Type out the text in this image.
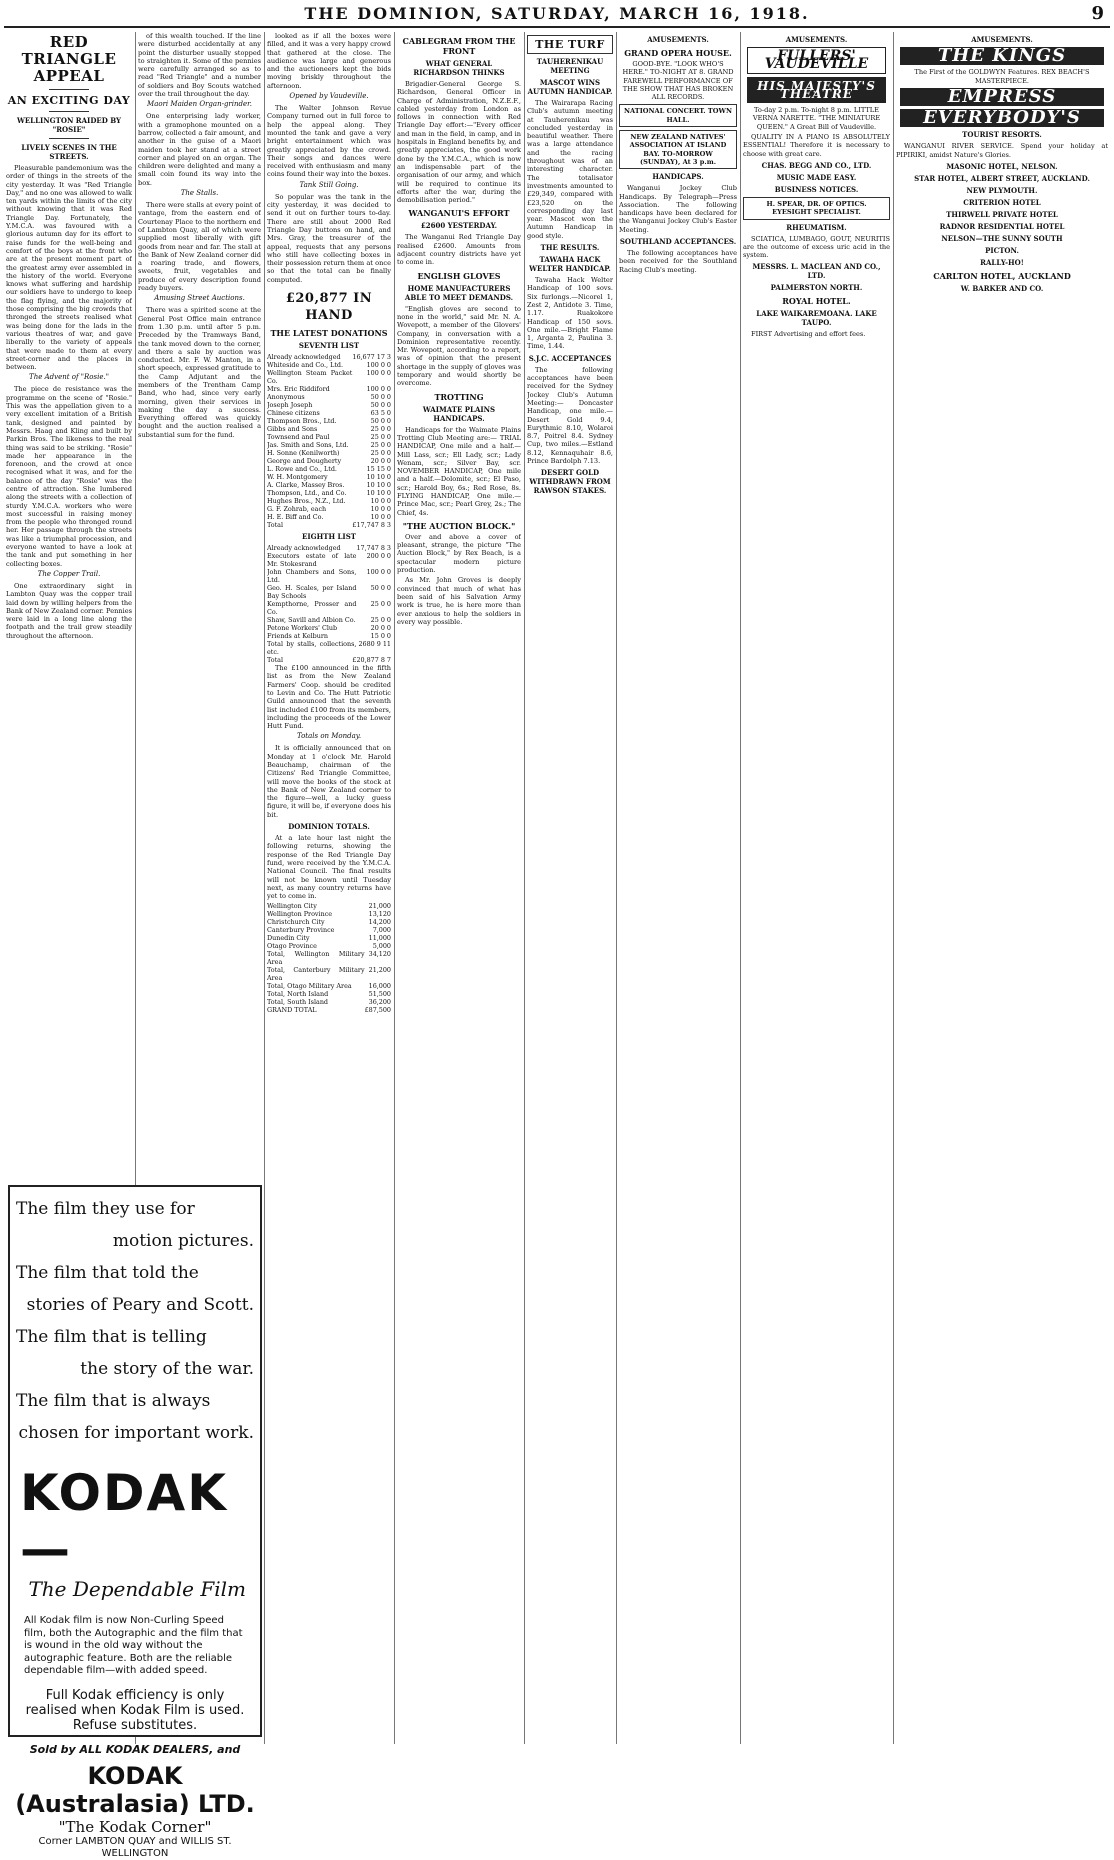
THE DOMINION, SATURDAY, MARCH 16, 1918.	9
RED TRIANGLE APPEAL
AN EXCITING DAY
WELLINGTON RAIDED BY "ROSIE"
LIVELY SCENES IN THE STREETS.

Pleasurable pandemonium was the order of things in the streets of the city yesterday. It was "Red Triangle Day," and no one was allowed to walk ten yards within the limits of the city without knowing that it was Red Triangle Day. Fortunately, the Y.M.C.A. was favoured with a glorious autumn day for its effort to raise funds for the well-being and comfort of the boys at the front who are at the present moment part of the greatest army ever assembled in the history of the world. Everyone knows what suffering and hardship our soldiers have to undergo to keep the flag flying, and the majority of those comprising the big crowds that thronged the streets realised what was being done for the lads in the various theatres of war, and gave liberally to the variety of appeals that were made to them at every street-corner and the places in between.

The Advent of "Rosie."

The piece de resistance was the programme on the scene of "Rosie." This was the appellation given to a very excellent imitation of a British tank, designed and painted by Messrs. Haag and Kling and built by Parkin Bros. The likeness to the real thing was said to be striking. "Rosie" made her appearance in the forenoon, and the crowd at once recognised what it was, and for the balance of the day "Rosie" was the centre of attraction. She lumbered along the streets with a collection of sturdy Y.M.C.A. workers who were most successful in raising money from the people who thronged round her. Her passage through the streets was like a triumphal procession, and everyone wanted to have a look at the tank and put something in her collecting boxes.

The Copper Trail.

One extraordinary sight in Lambton Quay was the copper trail laid down by willing helpers from the Bank of New Zealand corner. Pennies were laid in a long line along the footpath and the trail grew steadily throughout the afternoon.

The film they use for
motion pictures.
The film that told the
stories of Peary and Scott.
The film that is telling
the story of the war.
The film that is always
chosen for important work.
KODAK—
The Dependable Film
All Kodak film is now Non-Curling Speed film, both the Autographic and the film that is wound in the old way without the autographic feature. Both are the reliable dependable film—with added speed.
Full Kodak efficiency is only realised when Kodak Film is used. Refuse substitutes.
Sold by ALL KODAK DEALERS, and
KODAK (Australasia) LTD.
"The Kodak Corner"
Corner LAMBTON QUAY and WILLIS ST.
WELLINGTON

of this wealth touched. If the line were disturbed accidentally at any point the disturber usually stopped to straighten it. Some of the pennies were carefully arranged so as to read "Red Triangle" and a number of soldiers and Boy Scouts watched over the trail throughout the day.

Maori Maiden Organ-grinder.

One enterprising lady worker, with a gramophone mounted on a barrow, collected a fair amount, and another in the guise of a Maori maiden took her stand at a street corner and played on an organ. The children were delighted and many a small coin found its way into the box.

The Stalls.

There were stalls at every point of vantage, from the eastern end of Courtenay Place to the northern end of Lambton Quay, all of which were supplied most liberally with gift goods from near and far. The stall at the Bank of New Zealand corner did a roaring trade, and flowers, sweets, fruit, vegetables and produce of every description found ready buyers.

Amusing Street Auctions.

There was a spirited scene at the General Post Office main entrance from 1.30 p.m. until after 5 p.m. Preceded by the Tramways Band, the tank moved down to the corner, and there a sale by auction was conducted. Mr. F. W. Manton, in a short speech, expressed gratitude to the Camp Adjutant and the members of the Trentham Camp Band, who had, since very early morning, given their services in making the day a success. Everything offered was quickly bought and the auction realised a substantial sum for the fund.

looked as if all the boxes were filled, and it was a very happy crowd that gathered at the close. The audience was large and generous and the auctioneers kept the bids moving briskly throughout the afternoon.

Opened by Vaudeville.

The Walter Johnson Revue Company turned out in full force to help the appeal along. They mounted the tank and gave a very bright entertainment which was greatly appreciated by the crowd. Their songs and dances were received with enthusiasm and many coins found their way into the boxes.

Tank Still Going.

So popular was the tank in the city yesterday, it was decided to send it out on further tours to-day. There are still about 2000 Red Triangle Day buttons on hand, and Mrs. Gray, the treasurer of the appeal, requests that any persons who still have collecting boxes in their possession return them at once so that the total can be finally computed.

£20,877 IN HAND
THE LATEST DONATIONS
SEVENTH LIST
Already acknowledged	16,677 17 3
Whiteside and Co., Ltd.	100 0 0
Wellington Steam Packet Co.	100 0 0
Mrs. Eric Riddiford	100 0 0
Anonymous	50 0 0
Joseph Joseph	50 0 0
Chinese citizens	63 5 0
Thompson Bros., Ltd.	50 0 0
Gibbs and Sons	25 0 0
Townsend and Paul	25 0 0
Jas. Smith and Sons, Ltd.	25 0 0
H. Sonne (Kenilworth)	25 0 0
George and Dougherty	20 0 0
L. Rowe and Co., Ltd.	15 15 0
W. H. Montgomery	10 10 0
A. Clarke, Massey Bros.	10 10 0
Thompson, Ltd., and Co.	10 10 0
Hughes Bros., N.Z., Ltd.	10 0 0
G. F. Zohrab, each	10 0 0
H. E. Biff and Co.	10 0 0
Total	£17,747 8 3
EIGHTH LIST
Already acknowledged	17,747 8 3
Executors estate of late Mr. Stokesrand	200 0 0
John Chambers and Sons, Ltd.	100 0 0
Geo. H. Scales, per Island Bay Schools	50 0 0
Kempthorne, Prosser and Co.	25 0 0
Shaw, Savill and Albion Co.	25 0 0
Petone Workers' Club	20 0 0
Friends at Kelburn	15 0 0
Total by stalls, collections, etc.	2680 9 11
Total	£20,877 8 7

The £100 announced in the fifth list as from the New Zealand Farmers' Coop. should be credited to Levin and Co. The Hutt Patriotic Guild announced that the seventh list included £100 from its members, including the proceeds of the Lower Hutt Fund.

Totals on Monday.

It is officially announced that on Monday at 1 o'clock Mr. Harold Beauchamp, chairman of the Citizens' Red Triangle Committee, will move the books of the stock at the Bank of New Zealand corner to the figure—well, a lucky guess figure, it will be, if everyone does his bit.

DOMINION TOTALS.

At a late hour last night the following returns, showing the response of the Red Triangle Day fund, were received by the Y.M.C.A. National Council. The final results will not be known until Tuesday next, as many country returns have yet to come in.

Wellington City	21,000
Wellington Province	13,120
Christchurch City	14,200
Canterbury Province	7,000
Dunedin City	11,000
Otago Province	5,000
Total, Wellington Military Area	34,120
Total, Canterbury Military Area	21,200
Total, Otago Military Area	16,000
Total, North Island	51,500
Total, South Island	36,200
GRAND TOTAL	£87,500
CABLEGRAM FROM THE FRONT
WHAT GENERAL RICHARDSON THINKS

Brigadier-General George S. Richardson, General Officer in Charge of Administration, N.Z.E.F., cabled yesterday from London as follows in connection with Red Triangle Day effort:—"Every officer and man in the field, in camp, and in hospitals in England benefits by, and greatly appreciates, the good work done by the Y.M.C.A., which is now an indispensable part of the organisation of our army, and which will be required to continue its efforts after the war, during the demobilisation period."

WANGANUI'S EFFORT
£2600 YESTERDAY.

The Wanganui Red Triangle Day realised £2600. Amounts from adjacent country districts have yet to come in.

ENGLISH GLOVES
HOME MANUFACTURERS ABLE TO MEET DEMANDS.

"English gloves are second to none in the world," said Mr. N. A. Wovepott, a member of the Glovers' Company, in conversation with a Dominion representative recently. Mr. Wovepott, according to a report, was of opinion that the present shortage in the supply of gloves was temporary and would shortly be overcome.

TROTTING
WAIMATE PLAINS HANDICAPS.

Handicaps for the Waimate Plains Trotting Club Meeting are:— TRIAL HANDICAP, One mile and a half.—Mill Lass, scr.; Ell Lady, scr.; Lady Wenam, scr.; Silver Bay, scr. NOVEMBER HANDICAP, One mile and a half.—Dolomite, scr.; El Paso, scr.; Harold Boy, 6s.; Red Rose, 8s. FLYING HANDICAP, One mile.—Prince Mac, scr.; Pearl Grey, 2s.; The Chief, 4s.

"THE AUCTION BLOCK."

Over and above a cover of pleasant, strange, the picture "The Auction Block," by Rex Beach, is a spectacular modern picture production.

As Mr. John Groves is deeply convinced that much of what has been said of his Salvation Army work is true, he is here more than ever anxious to help the soldiers in every way possible.

THE TURF
TAUHERENIKAU MEETING
MASCOT WINS AUTUMN HANDICAP.

The Wairarapa Racing Club's autumn meeting at Tauherenikau was concluded yesterday in beautiful weather. There was a large attendance and the racing throughout was of an interesting character. The totalisator investments amounted to £29,349, compared with £23,520 on the corresponding day last year. Mascot won the Autumn Handicap in good style.

THE RESULTS.
TAWAHA HACK WELTER HANDICAP.

Tawaha Hack Welter Handicap of 100 sovs. Six furlongs.—Nicorel 1, Zest 2, Antidote 3. Time, 1.17. Ruakokore Handicap of 150 sovs. One mile.—Bright Flame 1, Arganta 2, Paulina 3. Time, 1.44.

S.J.C. ACCEPTANCES

The following acceptances have been received for the Sydney Jockey Club's Autumn Meeting:— Doncaster Handicap, one mile.—Desert Gold 9.4, Eurythmic 8.10, Wolaroi 8.7, Poitrel 8.4. Sydney Cup, two miles.—Estland 8.12, Kennaquhair 8.6, Prince Bardolph 7.13.

DESERT GOLD WITHDRAWN FROM RAWSON STAKES.
AMUSEMENTS.
GRAND OPERA HOUSE.

GOOD-BYE. "LOOK WHO'S HERE." TO-NIGHT AT 8. GRAND FAREWELL PERFORMANCE OF THE SHOW THAT HAS BROKEN ALL RECORDS.

NATIONAL CONCERT. TOWN HALL.
NEW ZEALAND NATIVES' ASSOCIATION AT ISLAND BAY. TO-MORROW (SUNDAY), At 3 p.m.
HANDICAPS.

Wanganui Jockey Club Handicaps. By Telegraph—Press Association. The following handicaps have been declared for the Wanganui Jockey Club's Easter Meeting.

SOUTHLAND ACCEPTANCES.

The following acceptances have been received for the Southland Racing Club's meeting.

AMUSEMENTS.
FULLERS' VAUDEVILLE
HIS MAJESTY'S THEATRE

To-day 2 p.m. To-night 8 p.m. LITTLE VERNA NARETTE. "THE MINIATURE QUEEN." A Great Bill of Vaudeville.

QUALITY IN A PIANO IS ABSOLUTELY ESSENTIAL! Therefore it is necessary to choose with great care.

CHAS. BEGG AND CO., LTD.
MUSIC MADE EASY.
BUSINESS NOTICES.
H. SPEAR, DR. OF OPTICS. EYESIGHT SPECIALIST.
RHEUMATISM.

SCIATICA, LUMBAGO, GOUT, NEURITIS are the outcome of excess uric acid in the system.

MESSRS. L. MACLEAN AND CO., LTD.
PALMERSTON NORTH.
ROYAL HOTEL.
LAKE WAIKAREMOANA. LAKE TAUPO.

FIRST Advertising and effort fees.

AMUSEMENTS.
THE KINGS

The First of the GOLDWYN Features. REX BEACH'S MASTERPIECE.

EMPRESS
EVERYBODY'S
TOURIST RESORTS.

WANGANUI RIVER SERVICE. Spend your holiday at PIPIRIKI, amidst Nature's Glories.

MASONIC HOTEL, NELSON.
STAR HOTEL, ALBERT STREET, AUCKLAND.
NEW PLYMOUTH.
CRITERION HOTEL
THIRWELL PRIVATE HOTEL
RADNOR RESIDENTIAL HOTEL
NELSON—THE SUNNY SOUTH
PICTON.
RALLY-HO!
CARLTON HOTEL, AUCKLAND
W. BARKER AND CO.
